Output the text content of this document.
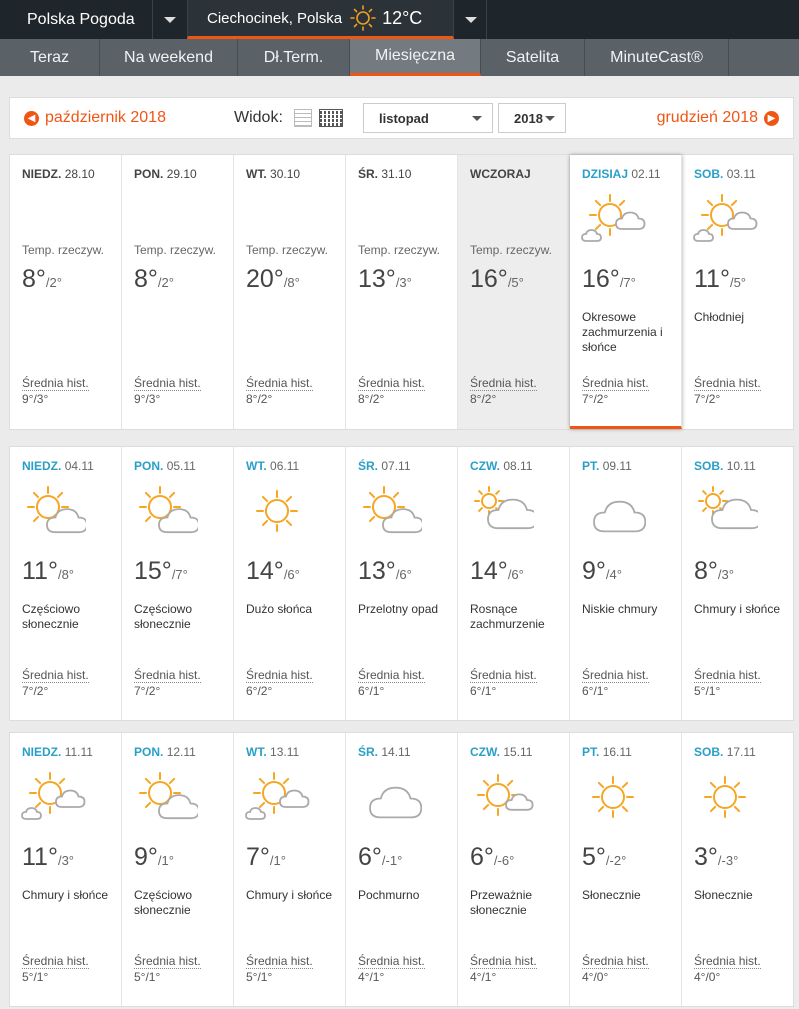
Polska Pogoda	Ciechocinek, Polska 12°C
Teraz	Na weekend	Dł.Term.	Miesięczna	Satelita	MinuteCast®
◀ październik 2018	Widok:	listopad	2018	grudzień 2018 ▶
NIEDZ. 28.10
Temp. rzeczyw.
8°/2°
Średnia hist.
9°/3°
PON. 29.10
Temp. rzeczyw.
8°/2°
Średnia hist.
9°/3°
WT. 30.10
Temp. rzeczyw.
20°/8°
Średnia hist.
8°/2°
ŚR. 31.10
Temp. rzeczyw.
13°/3°
Średnia hist.
8°/2°
WCZORAJ
Temp. rzeczyw.
16°/5°
Średnia hist.
8°/2°
DZISIAJ 02.11
16°/7°
Okresowe zachmurzenia i słońce
Średnia hist.
7°/2°
SOB. 03.11
11°/5°
Chłodniej
Średnia hist.
7°/2°
NIEDZ. 04.11
11°/8°
Częściowo słonecznie
Średnia hist.
7°/2°
PON. 05.11
15°/7°
Częściowo słonecznie
Średnia hist.
7°/2°
WT. 06.11
14°/6°
Dużo słońca
Średnia hist.
6°/2°
ŚR. 07.11
13°/6°
Przelotny opad
Średnia hist.
6°/1°
CZW. 08.11
14°/6°
Rosnące zachmurzenie
Średnia hist.
6°/1°
PT. 09.11
9°/4°
Niskie chmury
Średnia hist.
6°/1°
SOB. 10.11
8°/3°
Chmury i słońce
Średnia hist.
5°/1°
NIEDZ. 11.11
11°/3°
Chmury i słońce
Średnia hist.
5°/1°
PON. 12.11
9°/1°
Częściowo słonecznie
Średnia hist.
5°/1°
WT. 13.11
7°/1°
Chmury i słońce
Średnia hist.
5°/1°
ŚR. 14.11
6°/-1°
Pochmurno
Średnia hist.
4°/1°
CZW. 15.11
6°/-6°
Przeważnie słonecznie
Średnia hist.
4°/1°
PT. 16.11
5°/-2°
Słonecznie
Średnia hist.
4°/0°
SOB. 17.11
3°/-3°
Słonecznie
Średnia hist.
4°/0°
